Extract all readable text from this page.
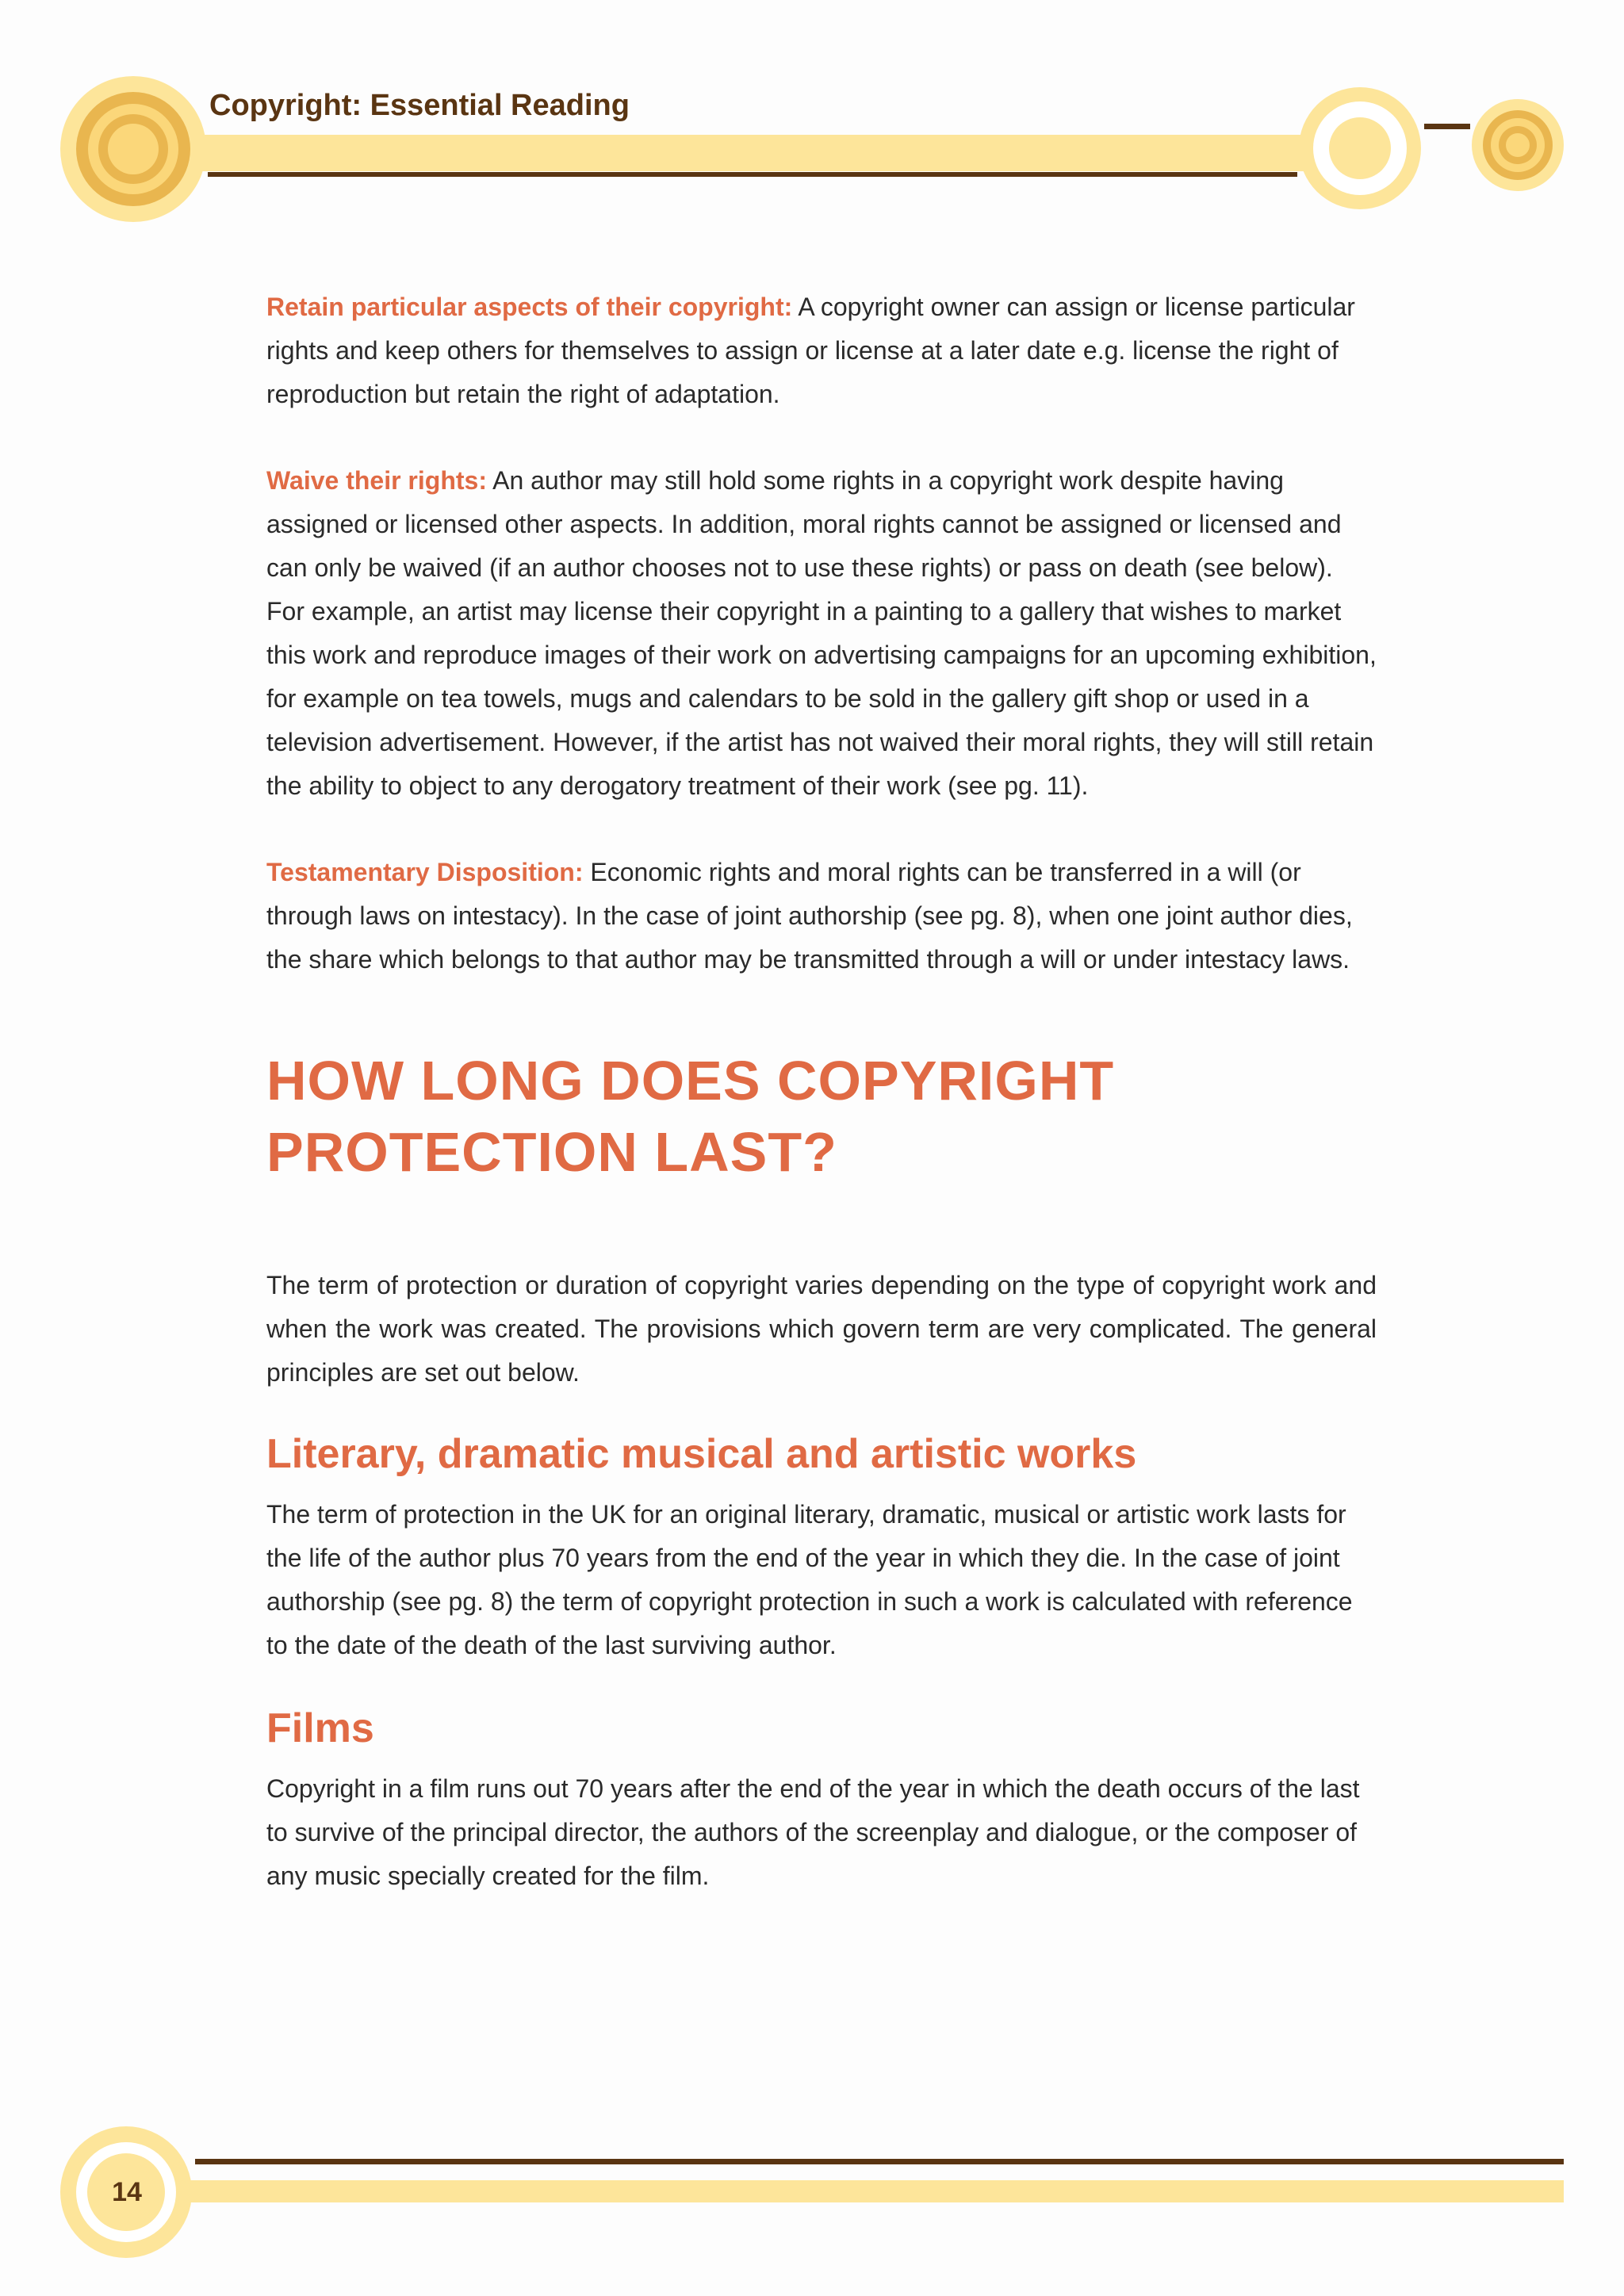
Copyright: Essential Reading

Retain particular aspects of their copyright: A copyright owner can assign or license particular rights and keep others for themselves to assign or license at a later date e.g. license the right of reproduction but retain the right of adaptation.

Waive their rights: An author may still hold some rights in a copyright work despite having assigned or licensed other aspects. In addition, moral rights cannot be assigned or licensed and can only be waived (if an author chooses not to use these rights) or pass on death (see below). For example, an artist may license their copyright in a painting to a gallery that wishes to market this work and reproduce images of their work on advertising campaigns for an upcoming exhibition, for example on tea towels, mugs and calendars to be sold in the gallery gift shop or used in a television advertisement. However, if the artist has not waived their moral rights, they will still retain the ability to object to any derogatory treatment of their work (see pg. 11).

Testamentary Disposition: Economic rights and moral rights can be transferred in a will (or through laws on intestacy). In the case of joint authorship (see pg. 8), when one joint author dies, the share which belongs to that author may be transmitted through a will or under intestacy laws.

HOW LONG DOES COPYRIGHT
PROTECTION LAST?

The term of protection or duration of copyright varies depending on the type of copyright work and when the work was created. The provisions which govern term are very complicated. The general principles are set out below.

Literary, dramatic musical and artistic works

The term of protection in the UK for an original literary, dramatic, musical or artistic work lasts for the life of the author plus 70 years from the end of the year in which they die. In the case of joint authorship (see pg. 8) the term of copyright protection in such a work is calculated with reference to the date of the death of the last surviving author.

Films

Copyright in a film runs out 70 years after the end of the year in which the death occurs of the last to survive of the principal director, the authors of the screenplay and dialogue, or the composer of any music specially created for the film.

14
